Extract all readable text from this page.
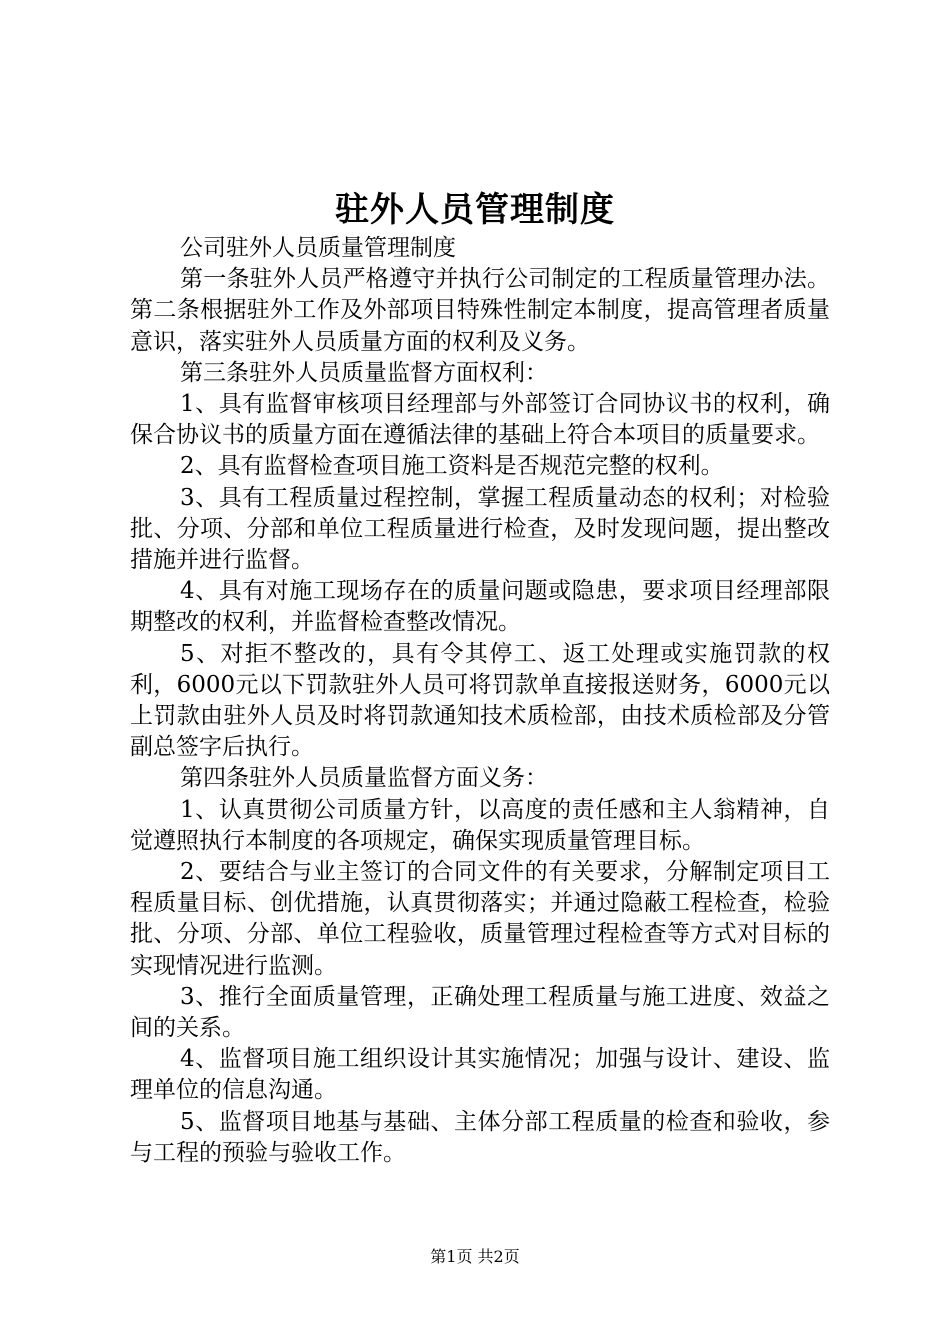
驻外人员管理制度

公司驻外人员质量管理制度

第一条驻外人员严格遵守并执行公司制定的工程质量管理办法。第二条根据驻外工作及外部项目特殊性制定本制度，提高管理者质量意识，落实驻外人员质量方面的权利及义务。

第三条驻外人员质量监督方面权利：

1、具有监督审核项目经理部与外部签订合同协议书的权利，确保合协议书的质量方面在遵循法律的基础上符合本项目的质量要求。

2、具有监督检查项目施工资料是否规范完整的权利。

3、具有工程质量过程控制，掌握工程质量动态的权利；对检验批、分项、分部和单位工程质量进行检查，及时发现问题，提出整改措施并进行监督。

4、具有对施工现场存在的质量问题或隐患，要求项目经理部限期整改的权利，并监督检查整改情况。

5、对拒不整改的，具有令其停工、返工处理或实施罚款的权利，6000元以下罚款驻外人员可将罚款单直接报送财务，6000元以上罚款由驻外人员及时将罚款通知技术质检部，由技术质检部及分管副总签字后执行。

第四条驻外人员质量监督方面义务：

1、认真贯彻公司质量方针，以高度的责任感和主人翁精神，自觉遵照执行本制度的各项规定，确保实现质量管理目标。

2、要结合与业主签订的合同文件的有关要求，分解制定项目工程质量目标、创优措施，认真贯彻落实；并通过隐蔽工程检查，检验批、分项、分部、单位工程验收，质量管理过程检查等方式对目标的实现情况进行监测。

3、推行全面质量管理，正确处理工程质量与施工进度、效益之间的关系。

4、监督项目施工组织设计其实施情况；加强与设计、建设、监理单位的信息沟通。

5、监督项目地基与基础、主体分部工程质量的检查和验收，参与工程的预验与验收工作。

第1页 共2页
